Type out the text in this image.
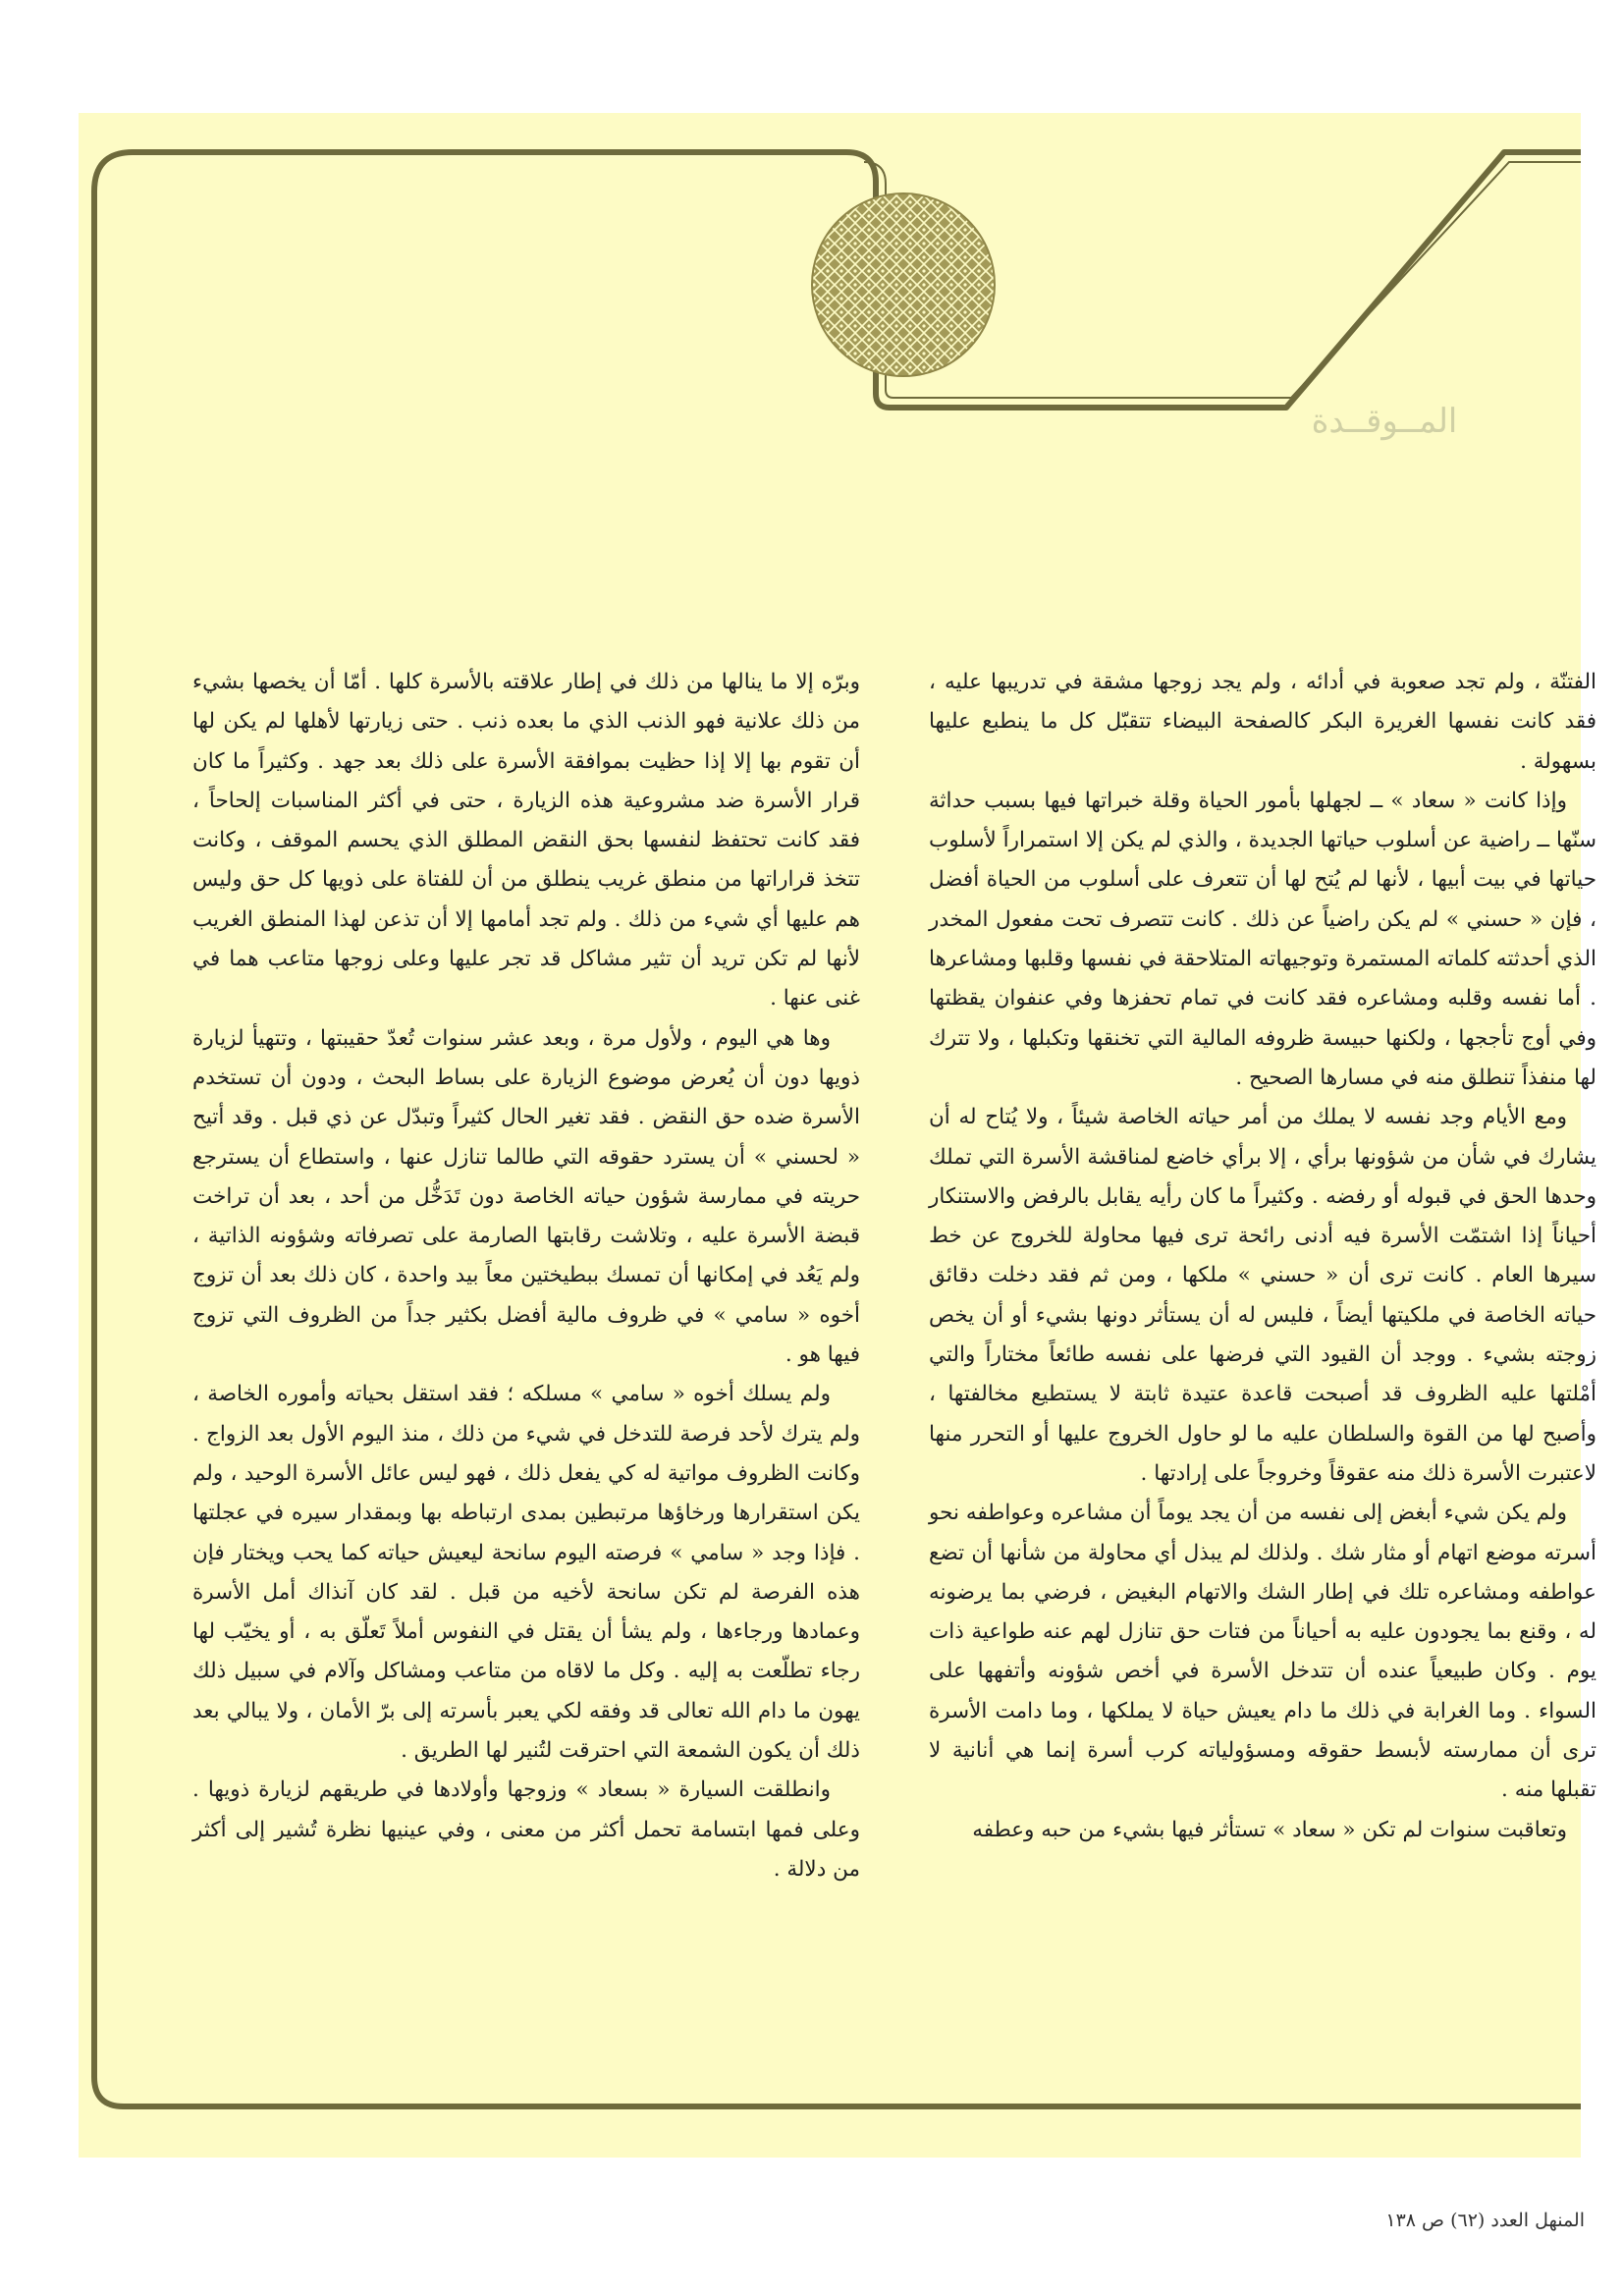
المــوقــدة

الفتنّة ، ولم تجد صعوبة في أدائه ، ولم يجد زوجها مشقة في تدريبها عليه ، فقد كانت نفسها الغريرة البكر كالصفحة البيضاء تتقبّل كل ما ينطبع عليها بسهولة .

وإذا كانت « سعاد » ــ لجهلها بأمور الحياة وقلة خبراتها فيها بسبب حداثة سنّها ــ راضية عن أسلوب حياتها الجديدة ، والذي لم يكن إلا استمراراً لأسلوب حياتها في بيت أبيها ، لأنها لم يُتح لها أن تتعرف على أسلوب من الحياة أفضل ، فإن « حسني » لم يكن راضياً عن ذلك . كانت تتصرف تحت مفعول المخدر الذي أحدثته كلماته المستمرة وتوجيهاته المتلاحقة في نفسها وقلبها ومشاعرها . أما نفسه وقلبه ومشاعره فقد كانت في تمام تحفزها وفي عنفوان يقظتها وفي أوج تأججها ، ولكنها حبيسة ظروفه المالية التي تخنقها وتكبلها ، ولا تترك لها منفذاً تنطلق منه في مسارها الصحيح .

ومع الأيام وجد نفسه لا يملك من أمر حياته الخاصة شيئاً ، ولا يُتاح له أن يشارك في شأن من شؤونها برأي ، إلا برأي خاضع لمناقشة الأسرة التي تملك وحدها الحق في قبوله أو رفضه . وكثيراً ما كان رأيه يقابل بالرفض والاستنكار أحياناً إذا اشتمّت الأسرة فيه أدنى رائحة ترى فيها محاولة للخروج عن خط سيرها العام . كانت ترى أن « حسني » ملكها ، ومن ثم فقد دخلت دقائق حياته الخاصة في ملكيتها أيضاً ، فليس له أن يستأثر دونها بشيء أو أن يخص زوجته بشيء . ووجد أن القيود التي فرضها على نفسه طائعاً مختاراً والتي أمْلتها عليه الظروف قد أصبحت قاعدة عتيدة ثابتة لا يستطيع مخالفتها ، وأصبح لها من القوة والسلطان عليه ما لو حاول الخروج عليها أو التحرر منها لاعتبرت الأسرة ذلك منه عقوقاً وخروجاً على إرادتها .

ولم يكن شيء أبغض إلى نفسه من أن يجد يوماً أن مشاعره وعواطفه نحو أسرته موضع اتهام أو مثار شك . ولذلك لم يبذل أي محاولة من شأنها أن تضع عواطفه ومشاعره تلك في إطار الشك والاتهام البغيض ، فرضي بما يرضونه له ، وقنع بما يجودون عليه به أحياناً من فتات حق تنازل لهم عنه طواعية ذات يوم . وكان طبيعياً عنده أن تتدخل الأسرة في أخص شؤونه وأتفهها على السواء . وما الغرابة في ذلك ما دام يعيش حياة لا يملكها ، وما دامت الأسرة ترى أن ممارسته لأبسط حقوقه ومسؤولياته كرب أسرة إنما هي أنانية لا تقبلها منه .

وتعاقبت سنوات لم تكن « سعاد » تستأثر فيها بشيء من حبه وعطفه

وبرّه إلا ما ينالها من ذلك في إطار علاقته بالأسرة كلها . أمّا أن يخصها بشيء من ذلك علانية فهو الذنب الذي ما بعده ذنب . حتى زيارتها لأهلها لم يكن لها أن تقوم بها إلا إذا حظيت بموافقة الأسرة على ذلك بعد جهد . وكثيراً ما كان قرار الأسرة ضد مشروعية هذه الزيارة ، حتى في أكثر المناسبات إلحاحاً ، فقد كانت تحتفظ لنفسها بحق النقض المطلق الذي يحسم الموقف ، وكانت تتخذ قراراتها من منطق غريب ينطلق من أن للفتاة على ذويها كل حق وليس هم عليها أي شيء من ذلك . ولم تجد أمامها إلا أن تذعن لهذا المنطق الغريب لأنها لم تكن تريد أن تثير مشاكل قد تجر عليها وعلى زوجها متاعب هما في غنى عنها .

وها هي اليوم ، ولأول مرة ، وبعد عشر سنوات تُعدّ حقيبتها ، وتتهيأ لزيارة ذويها دون أن يُعرض موضوع الزيارة على بساط البحث ، ودون أن تستخدم الأسرة ضده حق النقض . فقد تغير الحال كثيراً وتبدّل عن ذي قبل . وقد أتيح « لحسني » أن يسترد حقوقه التي طالما تنازل عنها ، واستطاع أن يسترجع حريته في ممارسة شؤون حياته الخاصة دون تَدَخُّل من أحد ، بعد أن تراخت قبضة الأسرة عليه ، وتلاشت رقابتها الصارمة على تصرفاته وشؤونه الذاتية ، ولم يَعُد في إمكانها أن تمسك ببطيختين معاً بيد واحدة ، كان ذلك بعد أن تزوج أخوه « سامي » في ظروف مالية أفضل بكثير جداً من الظروف التي تزوج فيها هو .

ولم يسلك أخوه « سامي » مسلكه ؛ فقد استقل بحياته وأموره الخاصة ، ولم يترك لأحد فرصة للتدخل في شيء من ذلك ، منذ اليوم الأول بعد الزواج . وكانت الظروف مواتية له كي يفعل ذلك ، فهو ليس عائل الأسرة الوحيد ، ولم يكن استقرارها ورخاؤها مرتبطين بمدى ارتباطه بها وبمقدار سيره في عجلتها . فإذا وجد « سامي » فرصته اليوم سانحة ليعيش حياته كما يحب ويختار فإن هذه الفرصة لم تكن سانحة لأخيه من قبل . لقد كان آنذاك أمل الأسرة وعمادها ورجاءها ، ولم يشأ أن يقتل في النفوس أملاً تَعلّق به ، أو يخيّب لها رجاء تطلّعت به إليه . وكل ما لاقاه من متاعب ومشاكل وآلام في سبيل ذلك يهون ما دام الله تعالى قد وفقه لكي يعبر بأسرته إلى برّ الأمان ، ولا يبالي بعد ذلك أن يكون الشمعة التي احترقت لتُنير لها الطريق .

وانطلقت السيارة « بسعاد » وزوجها وأولادها في طريقهم لزيارة ذويها . وعلى فمها ابتسامة تحمل أكثر من معنى ، وفي عينيها نظرة تُشير إلى أكثر من دلالة .

المنهل العدد (٦٢) ص ١٣٨
